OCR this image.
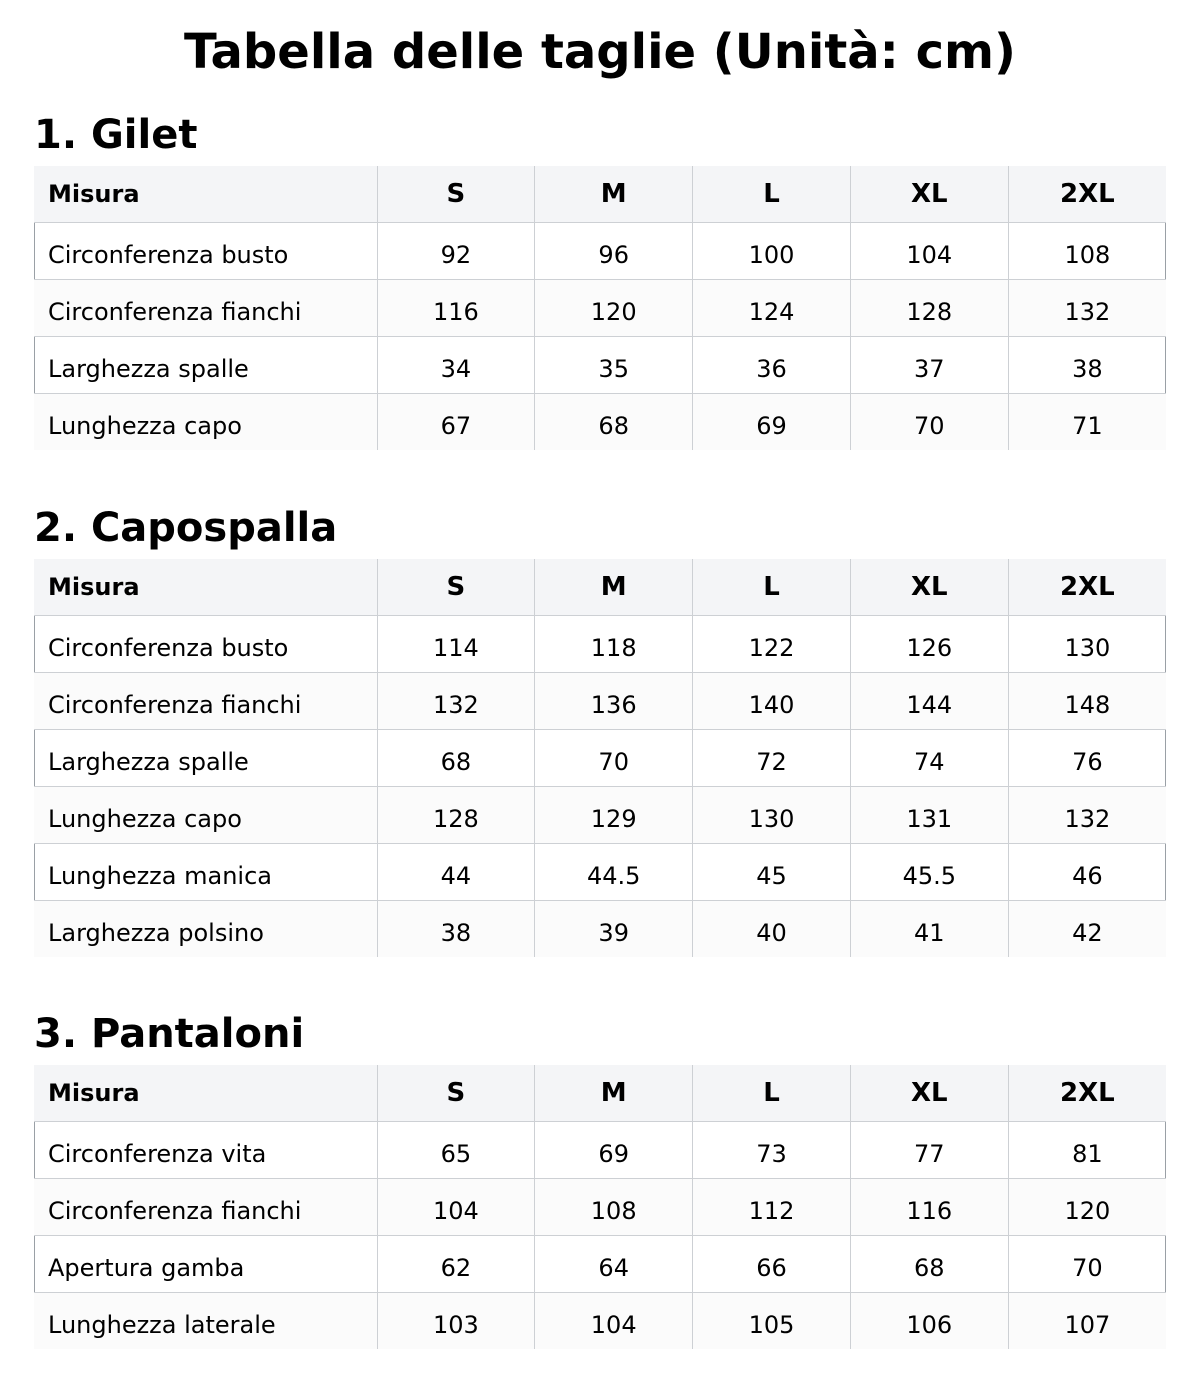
Tabella delle taglie (Unità: cm)
1. Gilet
Misura	S	M	L	XL	2XL
Circonferenza busto	92	96	100	104	108
Circonferenza fianchi	116	120	124	128	132
Larghezza spalle	34	35	36	37	38
Lunghezza capo	67	68	69	70	71
2. Capospalla
Misura	S	M	L	XL	2XL
Circonferenza busto	114	118	122	126	130
Circonferenza fianchi	132	136	140	144	148
Larghezza spalle	68	70	72	74	76
Lunghezza capo	128	129	130	131	132
Lunghezza manica	44	44.5	45	45.5	46
Larghezza polsino	38	39	40	41	42
3. Pantaloni
Misura	S	M	L	XL	2XL
Circonferenza vita	65	69	73	77	81
Circonferenza fianchi	104	108	112	116	120
Apertura gamba	62	64	66	68	70
Lunghezza laterale	103	104	105	106	107
